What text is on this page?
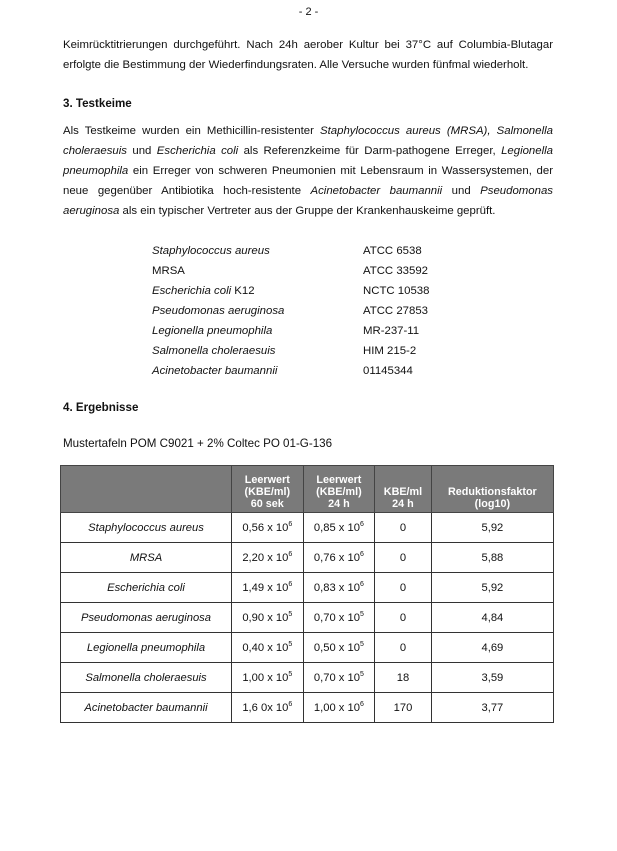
- 2 -

Keimrücktitrierungen durchgeführt. Nach 24h aerober Kultur bei 37°C auf Columbia-Blutagar
erfolgte die Bestimmung der Wiederfindungsraten. Alle Versuche wurden fünfmal wiederholt.

3. Testkeime

Als Testkeime wurden ein Methicillin-resistenter Staphylococcus aureus (MRSA), Salmonella
choleraesuis und Escherichia coli als Referenzkeime für Darm-pathogene Erreger, Legionella
pneumophila ein Erreger von schweren Pneumonien mit Lebensraum in Wassersystemen, der
neue gegenüber Antibiotika hoch-resistente Acinetobacter baumannii und Pseudomonas
aeruginosa als ein typischer Vertreter aus der Gruppe der Krankenhauskeime geprüft.

Staphylococcus aureus	ATCC 6538
MRSA	ATCC 33592
Escherichia coli K12	NCTC 10538
Pseudomonas aeruginosa	ATCC 27853
Legionella pneumophila	MR-237-11
Salmonella choleraesuis	HIM 215-2
Acinetobacter baumannii	01145344
4. Ergebnisse
Mustertafeln POM C9021 + 2% Coltec PO 01-G-136
	Leerwert
(KBE/ml)
60 sek	Leerwert
(KBE/ml)
24 h	KBE/ml
24 h	Reduktionsfaktor
(log10)
Staphylococcus aureus	0,56 x $10^6$	0,85 x $10^6$	0	5,92
MRSA	2,20 x $10^6$	0,76 x $10^6$	0	5,88
Escherichia coli	1,49 x $10^6$	0,83 x $10^6$	0	5,92
Pseudomonas aeruginosa	0,90 x $10^5$	0,70 x $10^5$	0	4,84
Legionella pneumophila	0,40 x $10^5$	0,50 x $10^5$	0	4,69
Salmonella choleraesuis	1,00 x $10^5$	0,70 x $10^5$	18	3,59
Acinetobacter baumannii	1,6 0x $10^6$	1,00 x $10^6$	170	3,77
